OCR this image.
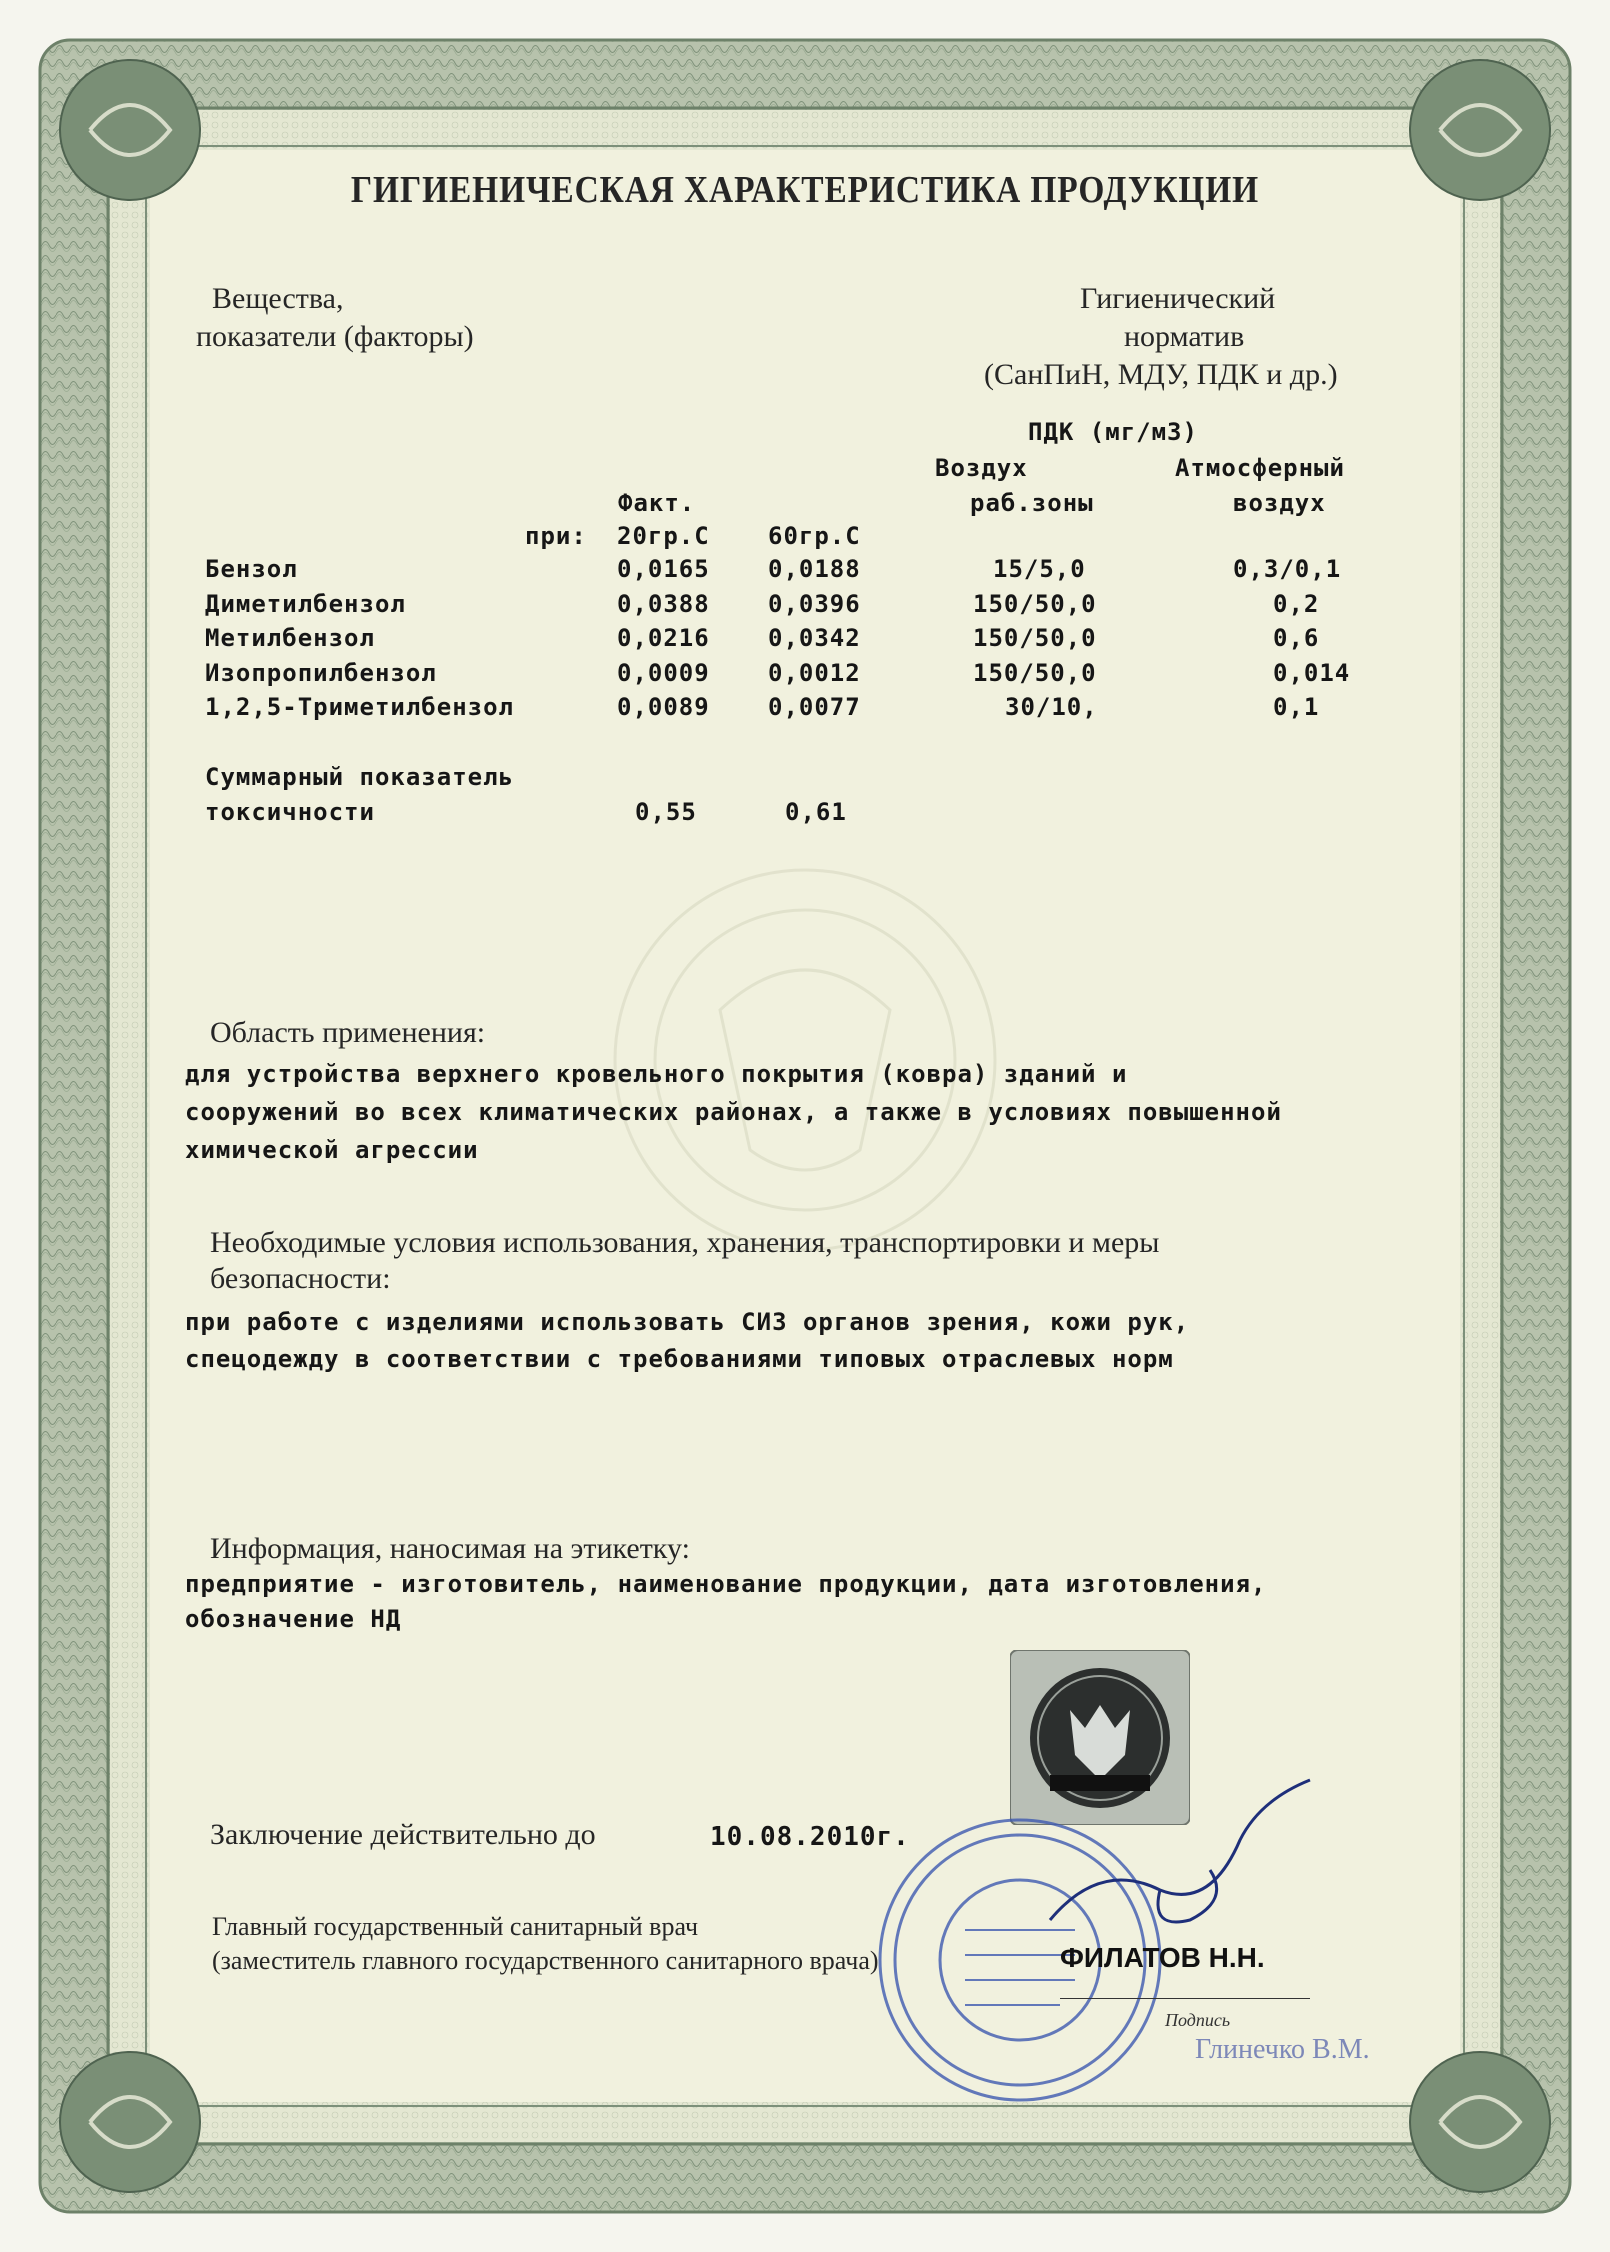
ГИГИЕНИЧЕСКАЯ ХАРАКТЕРИСТИКА ПРОДУКЦИИ
Вещества,
показатели (факторы)
Гигиенический
норматив
(СанПиН, МДУ, ПДК и др.)
ПДК (мг/м3)
Воздух	Атмосферный
Факт.	раб.зоны	воздух
при: 20гр.С 60гр.С
Бензол	0,0165 0,0188	15/5,0	0,3/0,1
Диметилбензол	0,0388 0,0396	150/50,0	0,2
Метилбензол	0,0216 0,0342	150/50,0	0,6
Изопропилбензол	0,0009 0,0012	150/50,0	0,014
1,2,5-Триметилбензол	0,0089 0,0077	30/10,	0,1
Суммарный показатель
токсичности	0,55	0,61
Область применения:
для устройства верхнего кровельного покрытия (ковра) зданий и
сооружений во всех климатических районах, а также в условиях повышенной
химической агрессии
Необходимые условия использования, хранения, транспортировки и меры
безопасности:
при работе с изделиями использовать СИЗ органов зрения, кожи рук,
спецодежду в соответствии с требованиями типовых отраслевых норм
Информация, наносимая на этикетку:
предприятие - изготовитель, наименование продукции, дата изготовления,
обозначение НД
Заключение действительно до	10.08.2010г.
Главный государственный санитарный врач
(заместитель главного государственного санитарного врача)	ФИЛАТОВ Н.Н.
Подпись
Глинечко В.М.
